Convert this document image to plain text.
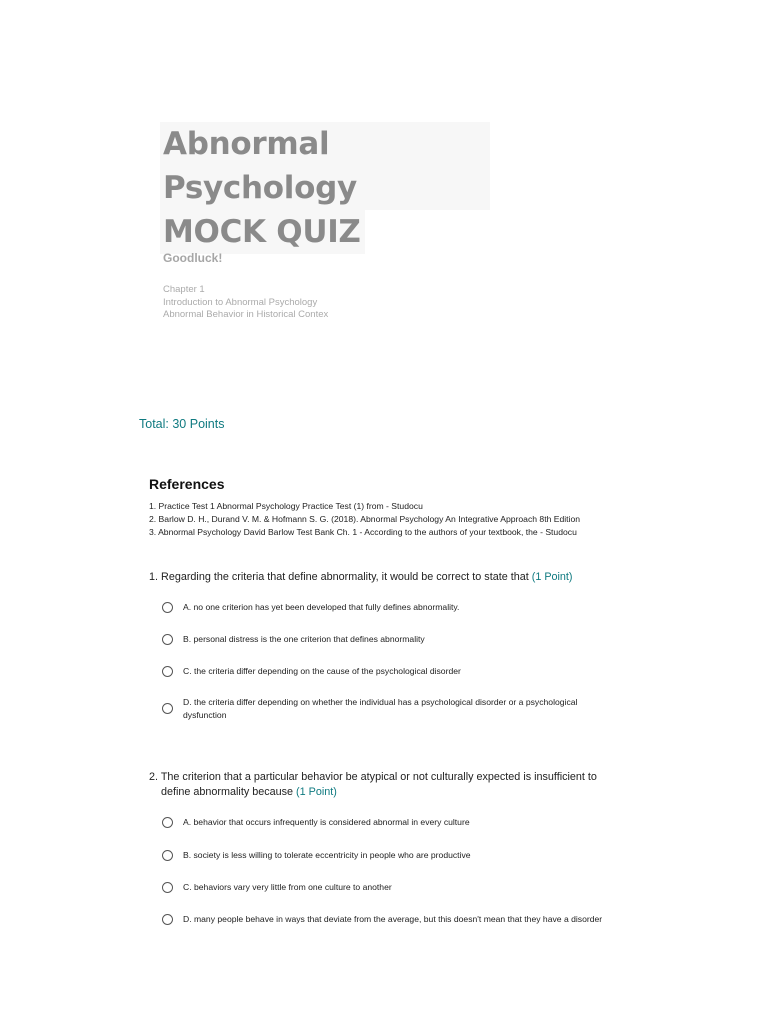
Abnormal Psychology
MOCK QUIZ
Goodluck!
Chapter 1
Introduction to Abnormal Psychology
Abnormal Behavior in Historical Contex
Total: 30 Points
References
1. Practice Test 1 Abnormal Psychology Practice Test (1) from - Studocu
2. Barlow D. H., Durand V. M. & Hofmann S. G. (2018). Abnormal Psychology An Integrative Approach 8th Edition
3. Abnormal Psychology David Barlow Test Bank Ch. 1 - According to the authors of your textbook, the - Studocu
1. Regarding the criteria that define abnormality, it would be correct to state that (1 Point)
A. no one criterion has yet been developed that fully defines abnormality.
B. personal distress is the one criterion that defines abnormality
C. the criteria differ depending on the cause of the psychological disorder
D. the criteria differ depending on whether the individual has a psychological disorder or a psychological dysfunction
2. The criterion that a particular behavior be atypical or not culturally expected is insufficient to define abnormality because (1 Point)
A. behavior that occurs infrequently is considered abnormal in every culture
B. society is less willing to tolerate eccentricity in people who are productive
C. behaviors vary very little from one culture to another
D. many people behave in ways that deviate from the average, but this doesn't mean that they have a disorder
